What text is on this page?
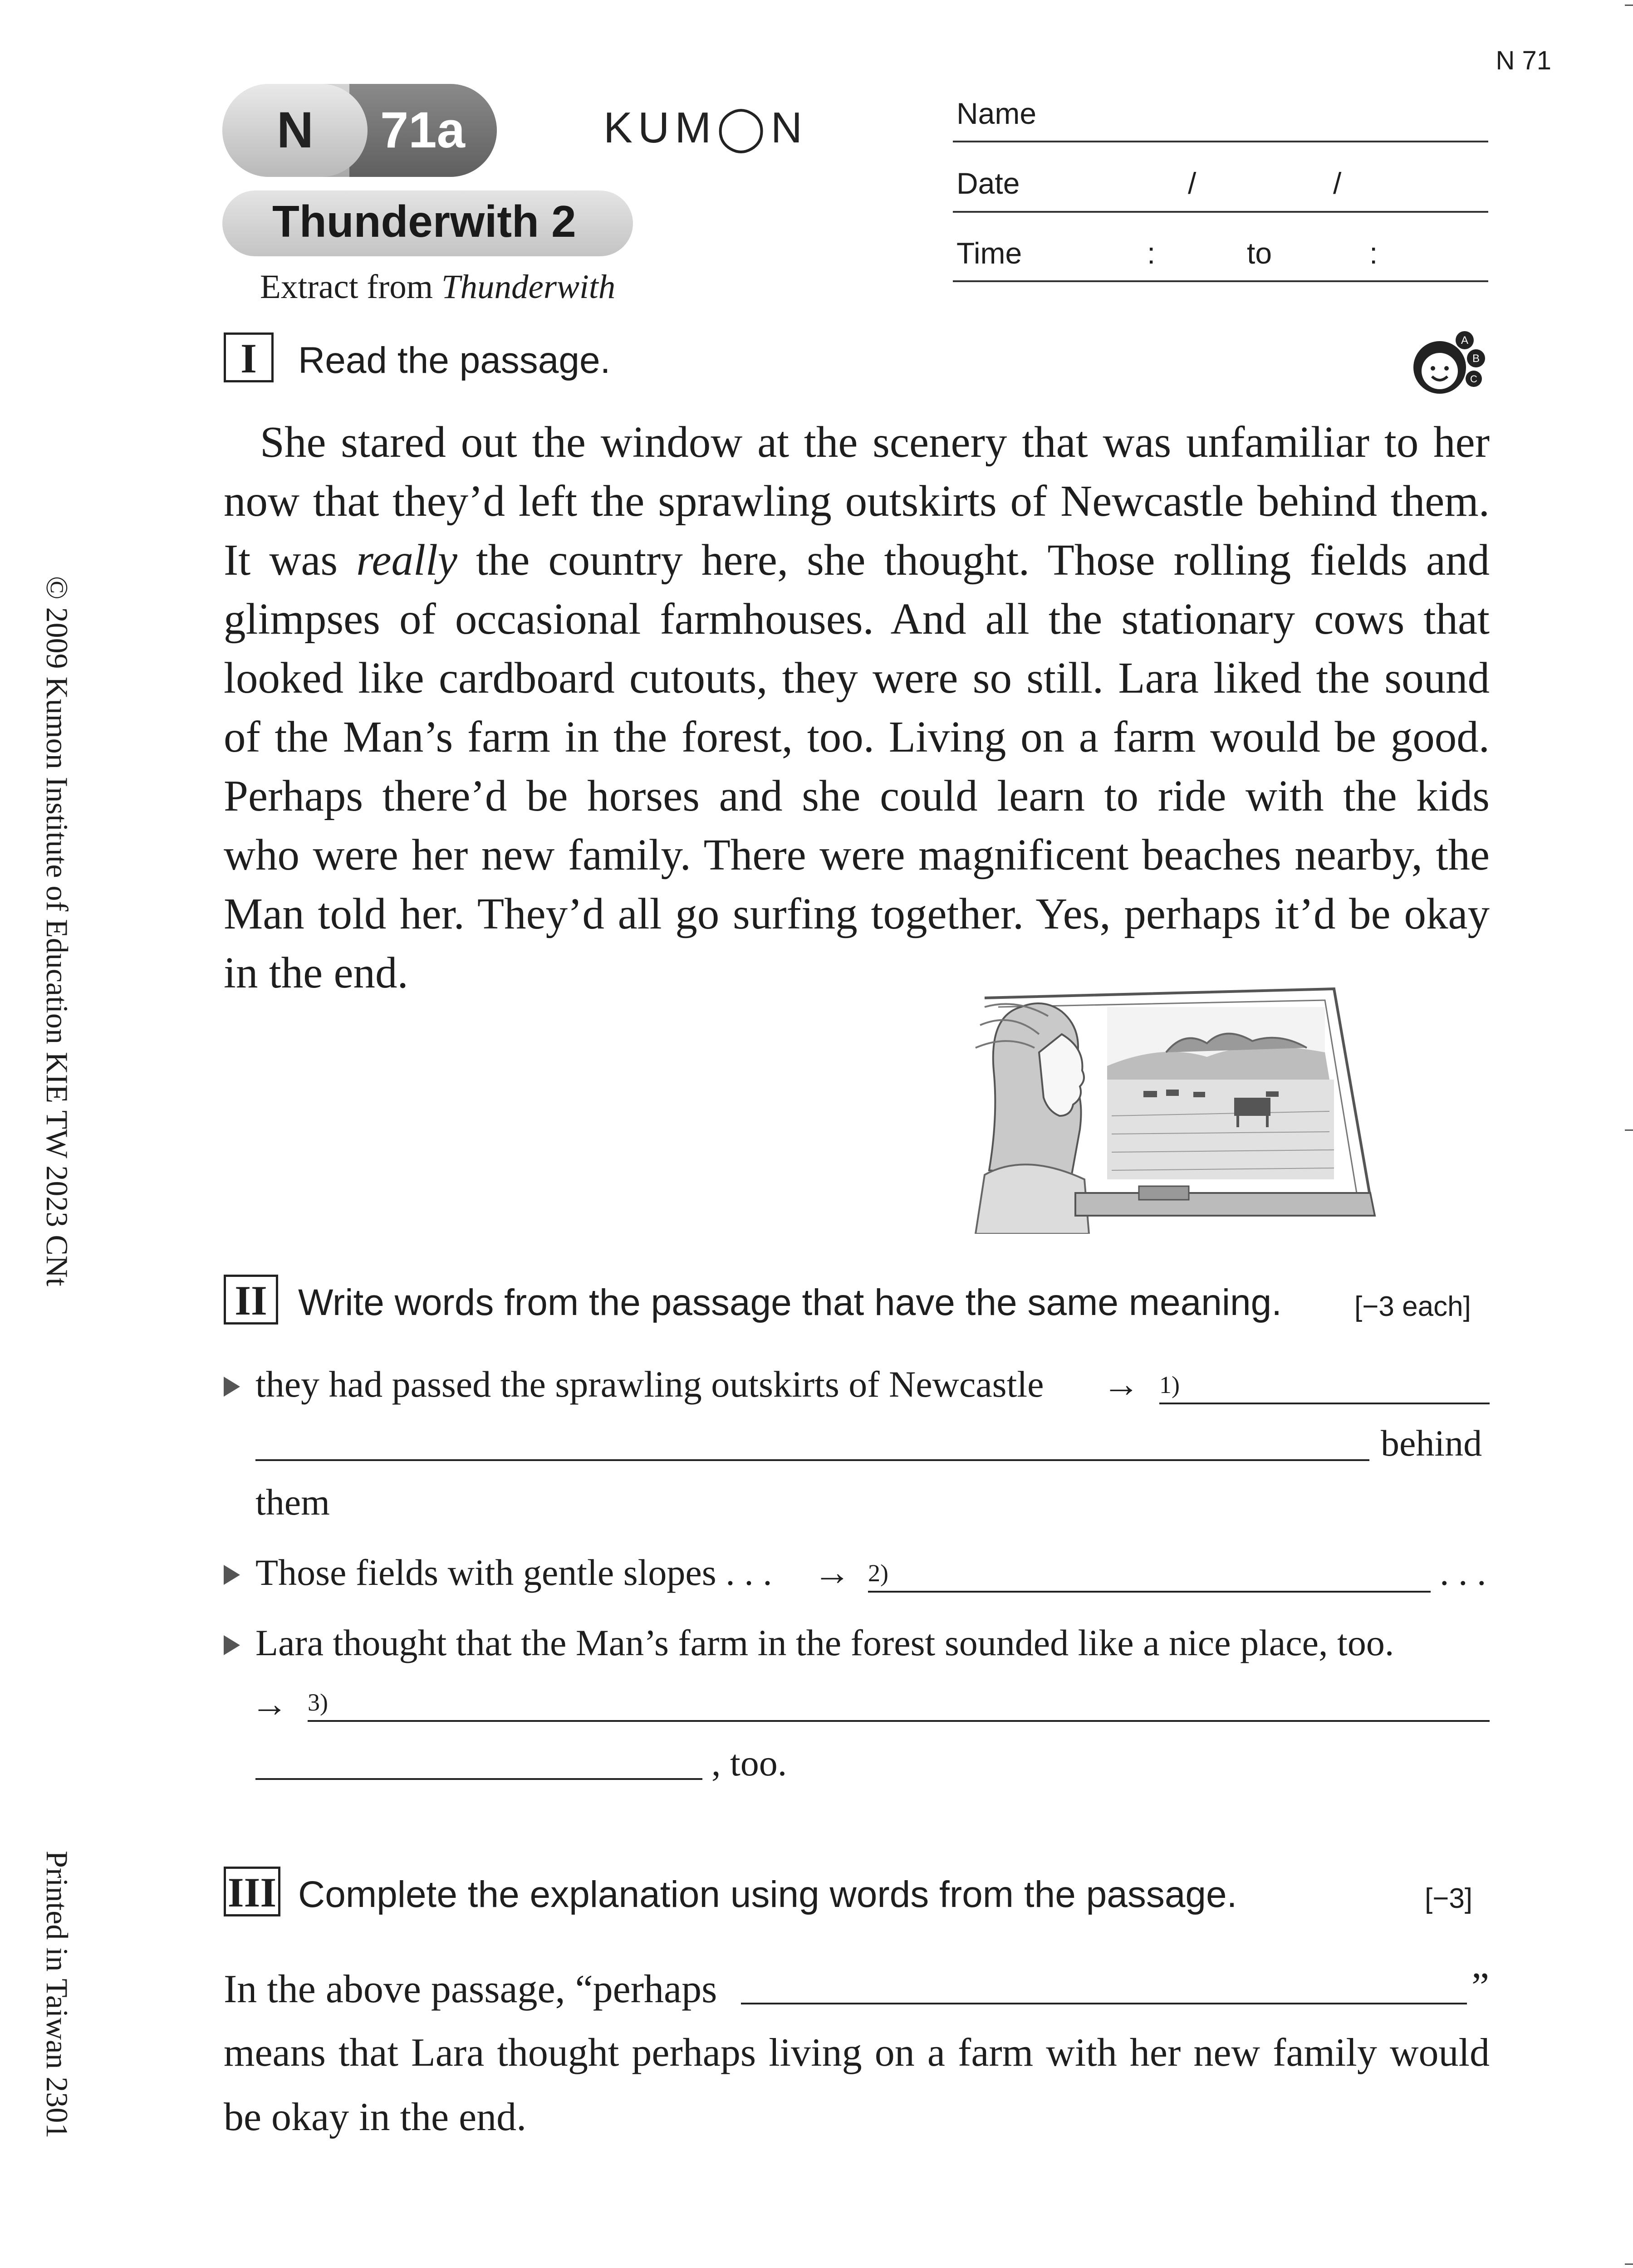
N 71
N 71a	KUM◯N
Thunderwith 2
Extract from Thunderwith
Name
Date	/	/
Time	:	to	:
I	Read the passage.	A
B
C
She stared out the window at the scenery that was unfamiliar to her
now that they’d left the sprawling outskirts of Newcastle behind them.
It was really the country here, she thought. Those rolling fields and
glimpses of occasional farmhouses. And all the stationary cows that
looked like cardboard cutouts, they were so still. Lara liked the sound
of the Man’s farm in the forest, too. Living on a farm would be good.
Perhaps there’d be horses and she could learn to ride with the kids
who were her new family. There were magnificent beaches nearby, the
Man told her. They’d all go surfing together. Yes, perhaps it’d be okay
in the end.
II Write words from the passage that have the same meaning.	[−3 each]
they had passed the sprawling outskirts of Newcastle → 1)
behind
them
Those fields with gentle slopes . . . → 2)	. . .
Lara thought that the Man’s farm in the forest sounded like a nice place, too.
→ 3)
, too.
III Complete the explanation using words from the passage.	[−3]
In the above passage, “perhaps	”
means that Lara thought perhaps living on a farm with her new family would
be okay in the end.
© 2009 Kumon Institute of Education KIE TW 2023 CNt
Printed in Taiwan 2301
